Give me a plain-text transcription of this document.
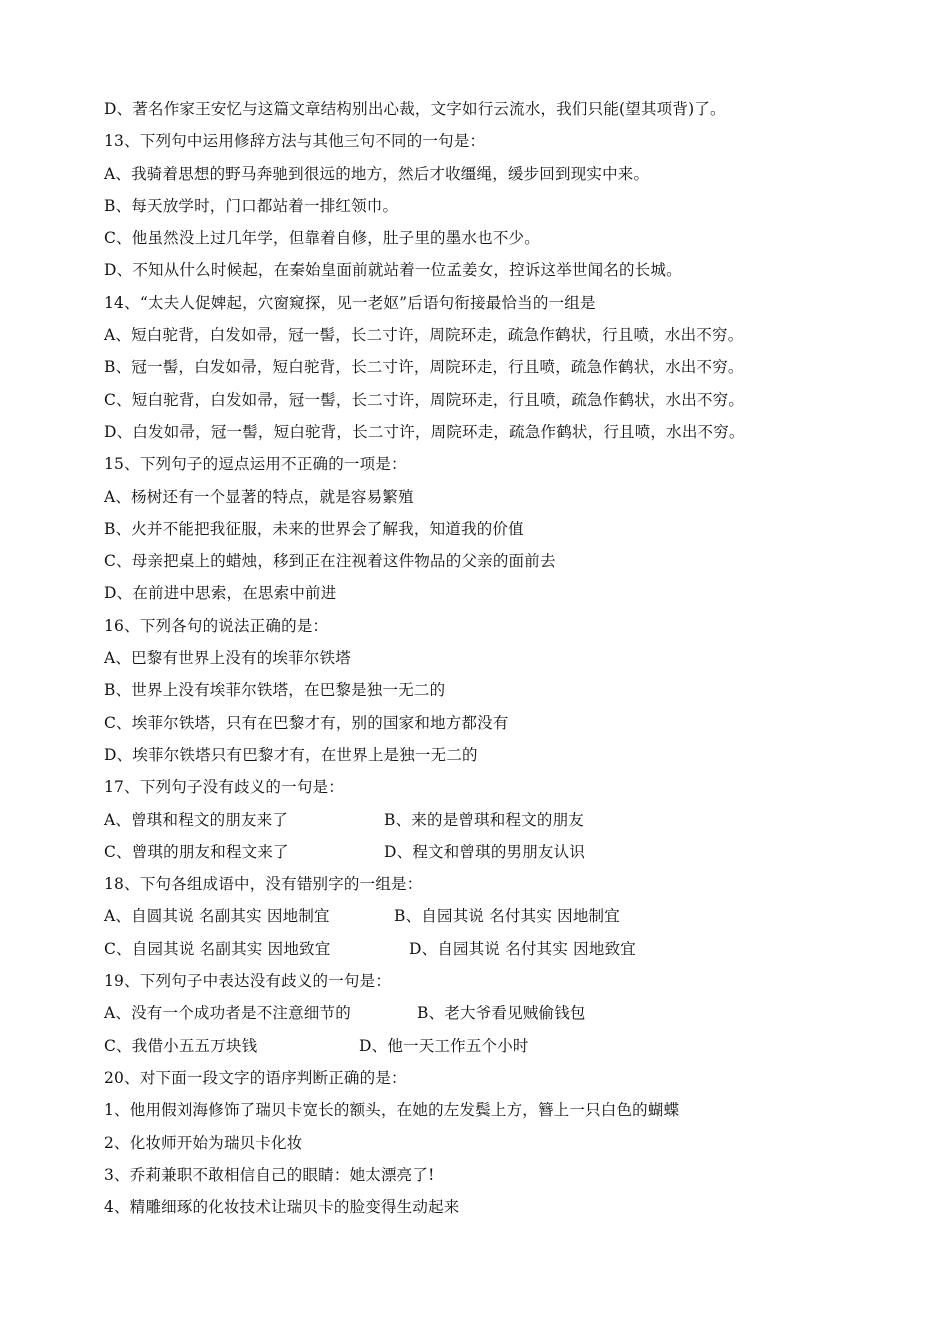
D、著名作家王安忆与这篇文章结构别出心裁，文字如行云流水，我们只能(望其项背)了。
13、下列句中运用修辞方法与其他三句不同的一句是：
A、我骑着思想的野马奔驰到很远的地方，然后才收缰绳，缓步回到现实中来。
B、每天放学时，门口都站着一排红领巾。
C、他虽然没上过几年学，但靠着自修，肚子里的墨水也不少。
D、不知从什么时候起，在秦始皇面前就站着一位孟姜女，控诉这举世闻名的长城。
14、“太夫人促婢起，穴窗窥探，见一老妪”后语句衔接最恰当的一组是
A、短白驼背，白发如帚，冠一髻，长二寸许，周院环走，疏急作鹤状，行且喷，水出不穷。
B、冠一髻，白发如帚，短白驼背，长二寸许，周院环走，行且喷，疏急作鹤状，水出不穷。
C、短白驼背，白发如帚，冠一髻，长二寸许，周院环走，行且喷，疏急作鹤状，水出不穷。
D、白发如帚，冠一髻，短白驼背，长二寸许，周院环走，疏急作鹤状，行且喷，水出不穷。
15、下列句子的逗点运用不正确的一项是：
A、杨树还有一个显著的特点，就是容易繁殖
B、火并不能把我征服，未来的世界会了解我，知道我的价值
C、母亲把桌上的蜡烛，移到正在注视着这件物品的父亲的面前去
D、在前进中思索，在思索中前进
16、下列各句的说法正确的是：
A、巴黎有世界上没有的埃菲尔铁塔
B、世界上没有埃菲尔铁塔，在巴黎是独一无二的
C、埃菲尔铁塔，只有在巴黎才有，别的国家和地方都没有
D、埃菲尔铁塔只有巴黎才有，在世界上是独一无二的
17、下列句子没有歧义的一句是：
A、曾琪和程文的朋友来了	B、来的是曾琪和程文的朋友
C、曾琪的朋友和程文来了	D、程文和曾琪的男朋友认识
18、下句各组成语中，没有错别字的一组是：
A、自圆其说 名副其实 因地制宜	B、自园其说 名付其实 因地制宜
C、自园其说 名副其实 因地致宜	D、自园其说 名付其实 因地致宜
19、下列句子中表达没有歧义的一句是：
A、没有一个成功者是不注意细节的	B、老大爷看见贼偷钱包
C、我借小五五万块钱	D、他一天工作五个小时
20、对下面一段文字的语序判断正确的是：
1、他用假刘海修饰了瑞贝卡宽长的额头，在她的左发鬓上方，簪上一只白色的蝴蝶
2、化妆师开始为瑞贝卡化妆
3、乔莉兼职不敢相信自己的眼睛：她太漂亮了!
4、精雕细琢的化妆技术让瑞贝卡的脸变得生动起来
